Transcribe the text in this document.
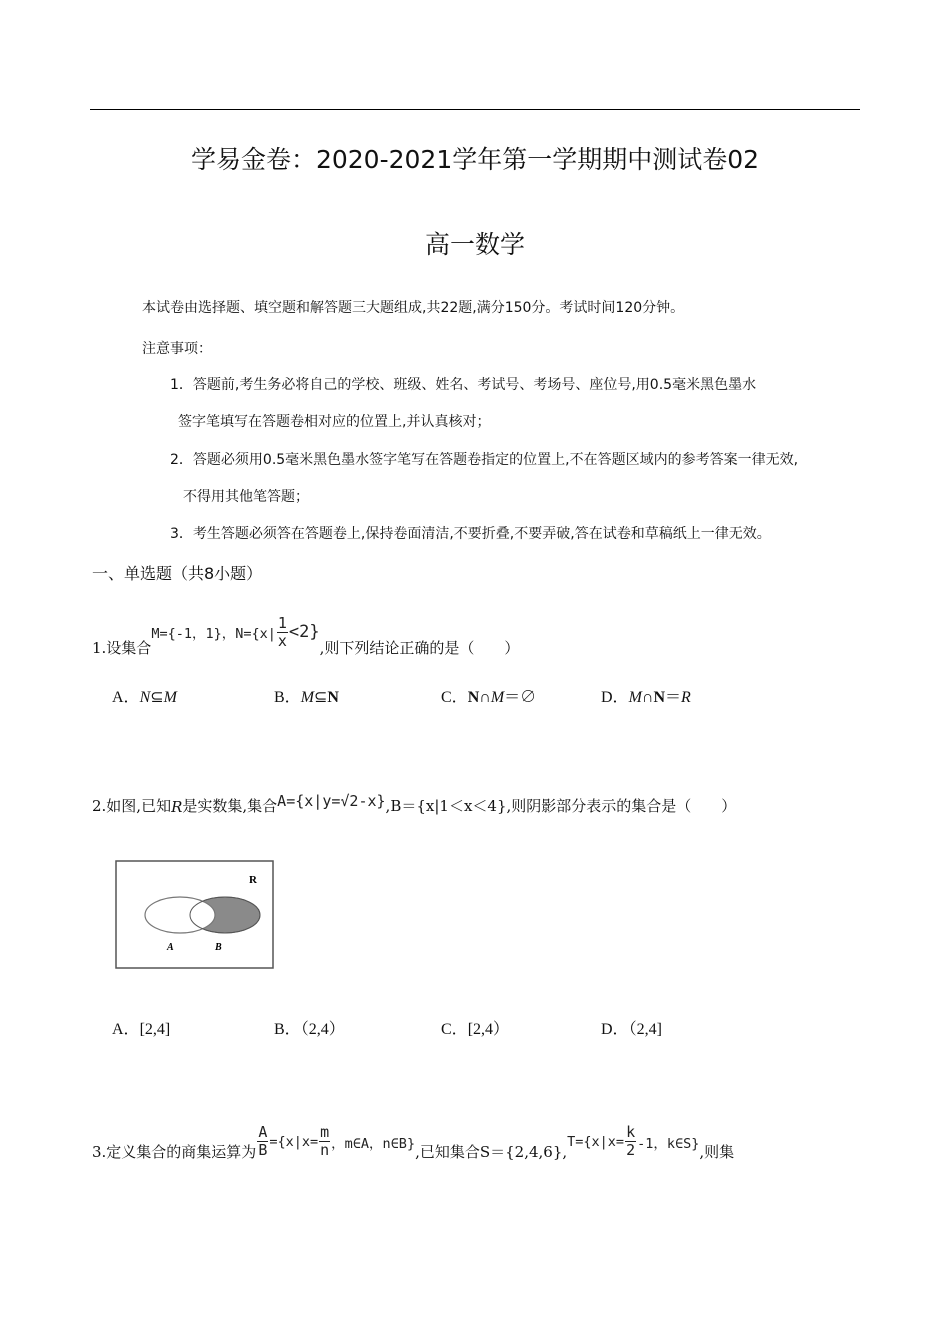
学易金卷：2020-2021学年第一学期期中测试卷02
高一数学
本试卷由选择题、填空题和解答题三大题组成,共22题,满分150分。考试时间120分钟。
注意事项：
1．答题前,考生务必将自己的学校、班级、姓名、考试号、考场号、座位号,用0.5毫米黑色墨水
签字笔填写在答题卷相对应的位置上,并认真核对；
2．答题必须用0.5毫米黑色墨水签字笔写在答题卷指定的位置上,不在答题区域内的参考答案一律无效,
不得用其他笔答题；
3．考生答题必须答在答题卷上,保持卷面清洁,不要折叠,不要弄破,答在试卷和草稿纸上一律无效。
一、单选题（共8小题）
1.设集合
M={-1，1}，$N=\{x| \frac{1}{x} <2\}$
,则下列结论正确的是（　　）
A．N⊆M	B．M⊆N	C．N∩M＝∅	D．M∩N＝R
2.如图,已知 R 是实数集,集合 A={x|y=√2-x} ,B＝{x|1＜x＜4},则阴影部分表示的集合是（　　）
R
A	B
A．[2,4]	B．（2,4）	C．[2,4）	D．（2,4]
3.定义集合的商集运算为 $\frac{A}{B} =\{x|x= \frac{m}{n}$ ，m∈A，n∈B} ,已知集合S＝{2,4,6},
$T=\{x|x= \frac{k}{2} -1$，k∈S} ,则集
